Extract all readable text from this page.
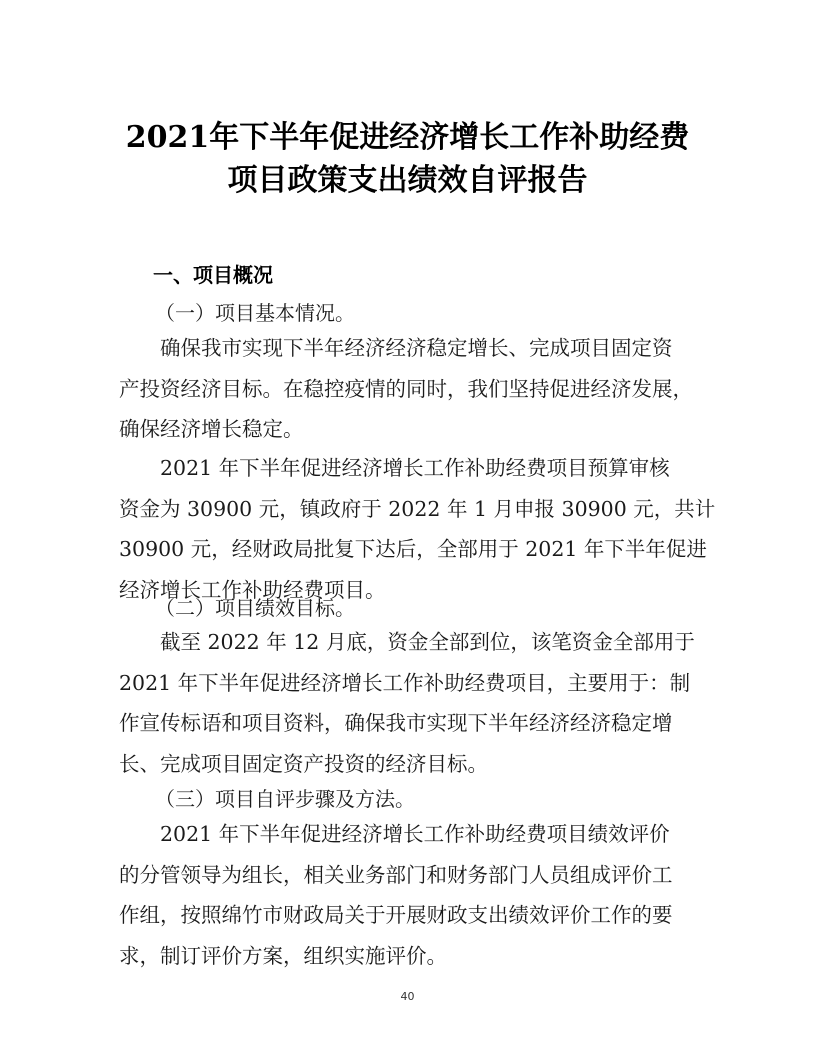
2021年下半年促进经济增长工作补助经费
项目政策支出绩效自评报告
一、项目概况
（一）项目基本情况。
确保我市实现下半年经济经济稳定增长、完成项目固定资
产投资经济目标。在稳控疫情的同时，我们坚持促进经济发展，
确保经济增长稳定。
2021 年下半年促进经济增长工作补助经费项目预算审核
资金为 30900 元，镇政府于 2022 年 1 月申报 30900 元，共计
30900 元，经财政局批复下达后，全部用于 2021 年下半年促进
经济增长工作补助经费项目。
（二）项目绩效目标。
截至 2022 年 12 月底，资金全部到位，该笔资金全部用于
2021 年下半年促进经济增长工作补助经费项目，主要用于：制
作宣传标语和项目资料，确保我市实现下半年经济经济稳定增
长、完成项目固定资产投资的经济目标。
（三）项目自评步骤及方法。
2021 年下半年促进经济增长工作补助经费项目绩效评价
的分管领导为组长，相关业务部门和财务部门人员组成评价工
作组，按照绵竹市财政局关于开展财政支出绩效评价工作的要
求，制订评价方案，组织实施评价。
40
